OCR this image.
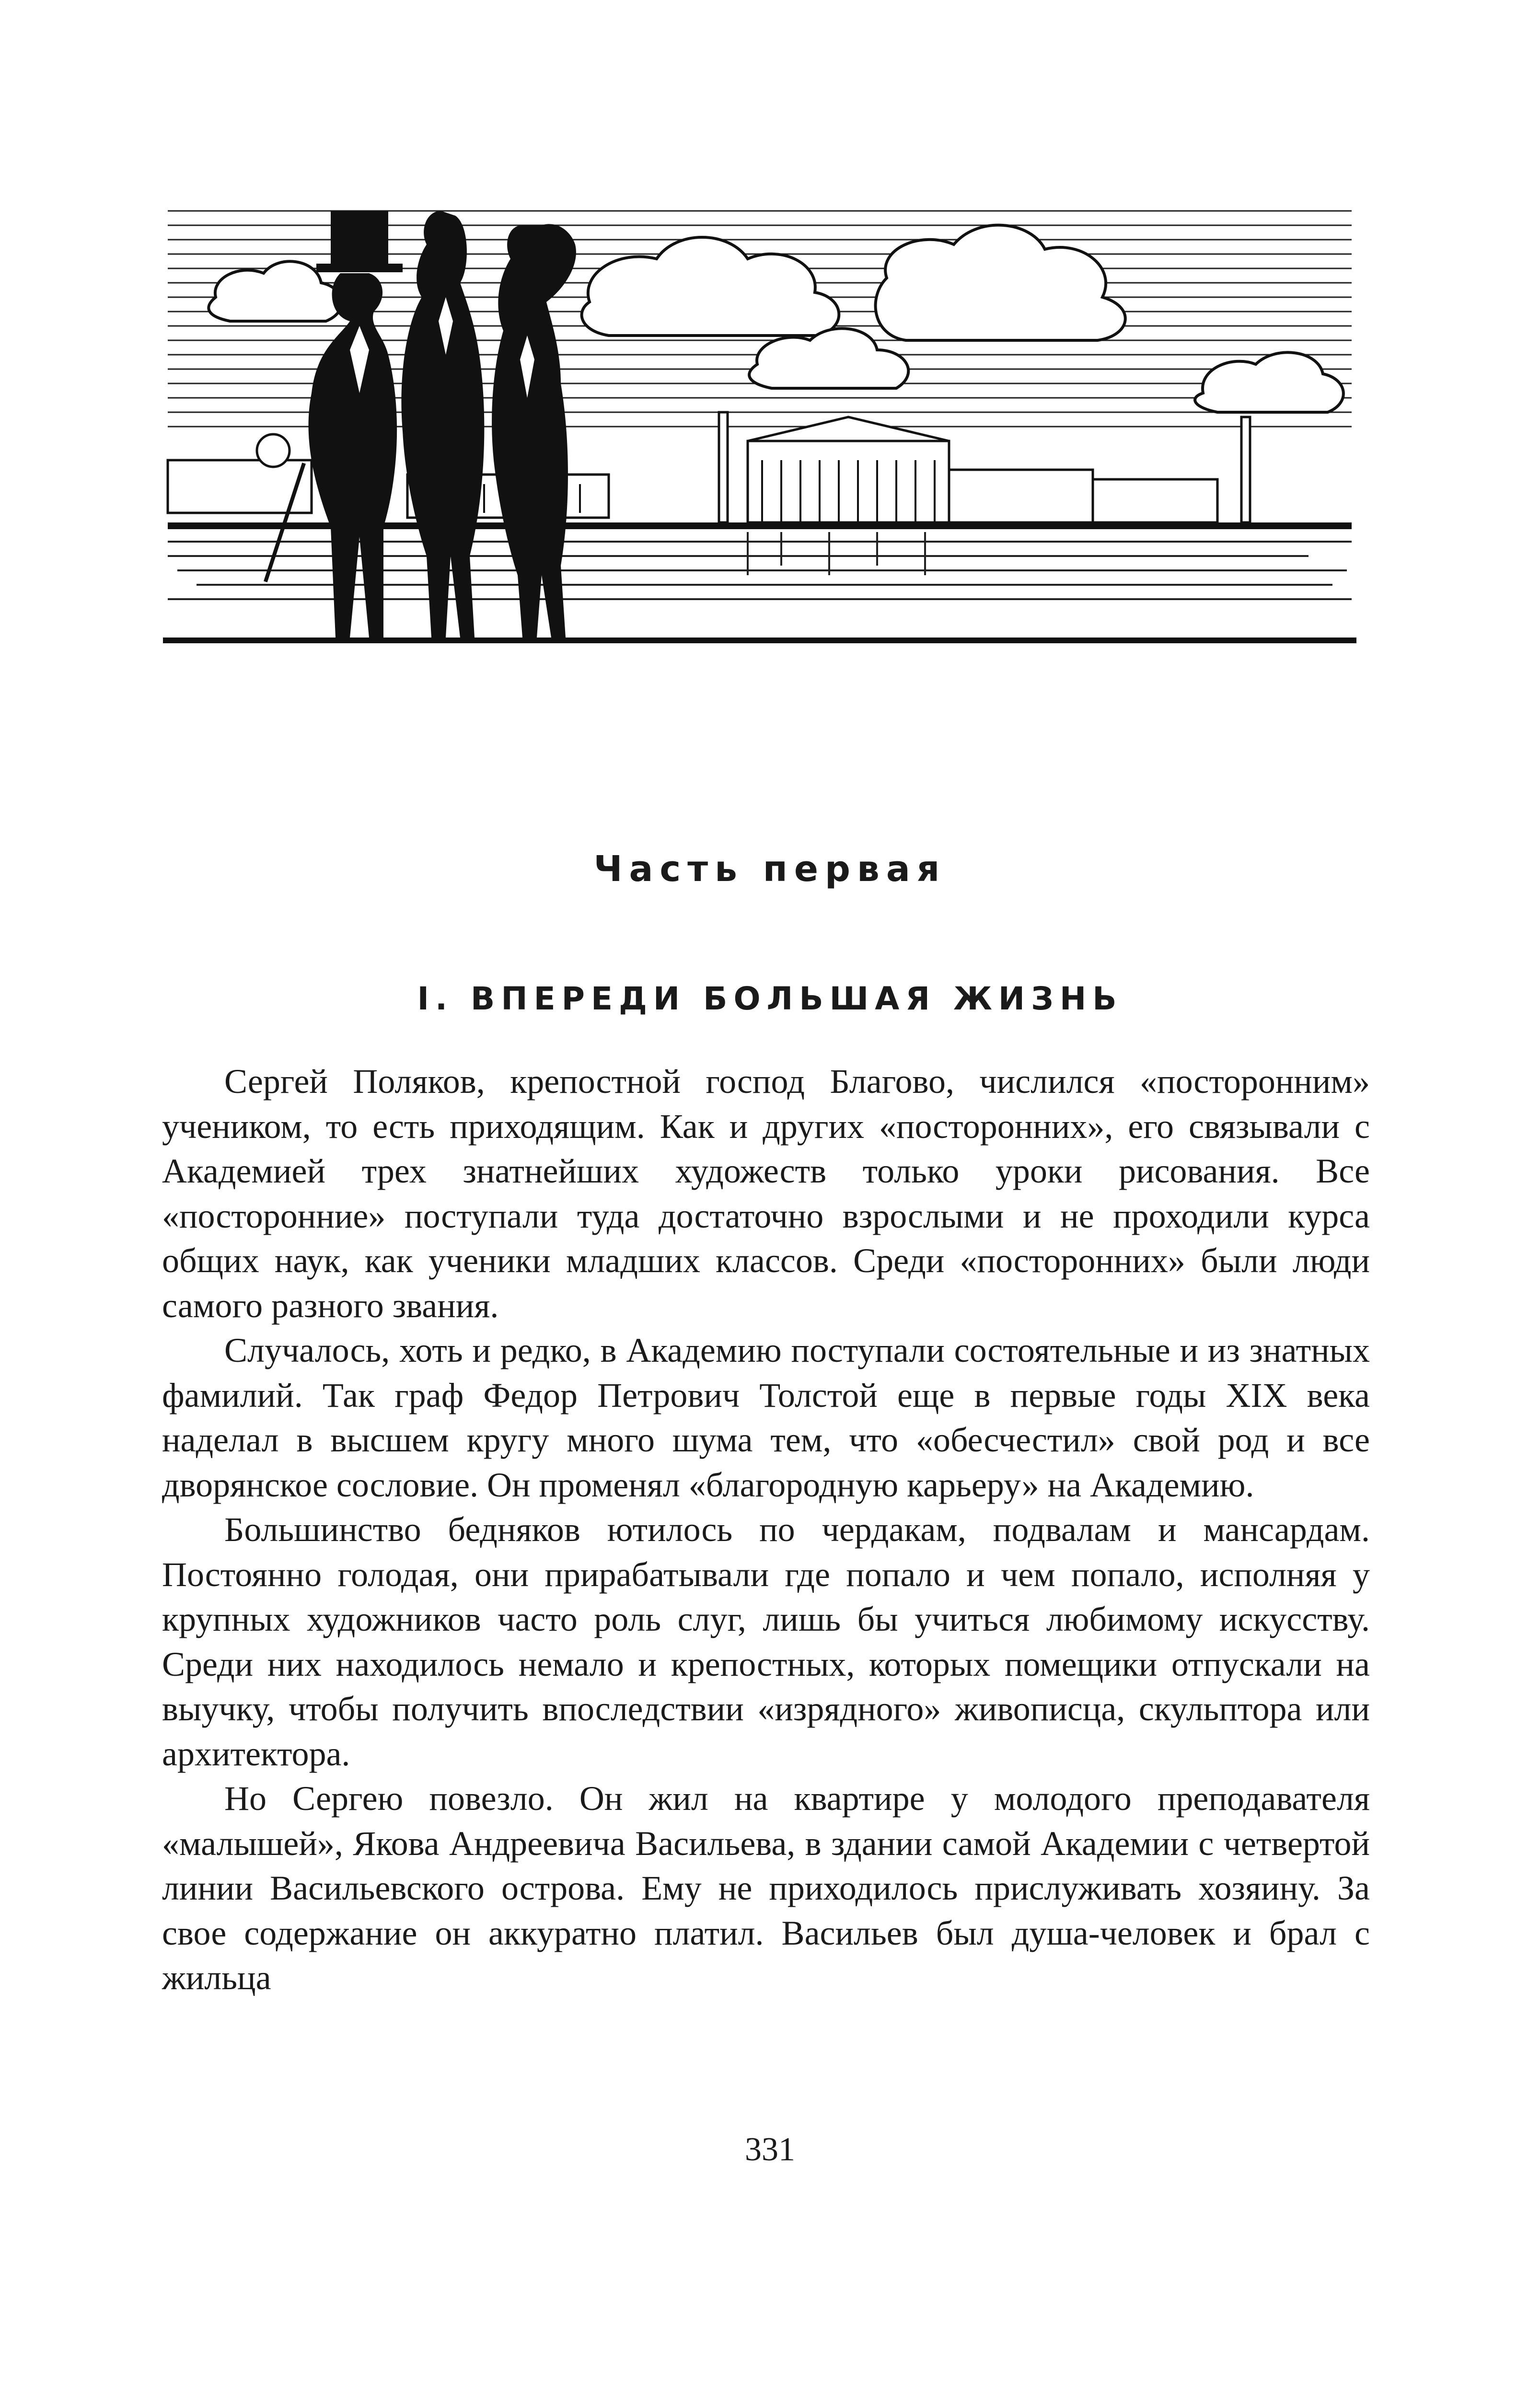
Часть первая
I. ВПЕРЕДИ БОЛЬШАЯ ЖИЗНЬ

Сергей Поляков, крепостной господ Благово, числился «посторонним» учеником, то есть приходящим. Как и других «посторонних», его связывали с Академией трех знатнейших художеств только уроки рисования. Все «посторонние» поступали туда достаточно взрослыми и не проходили курса общих наук, как ученики младших классов. Среди «посторонних» были люди самого разного звания.

Случалось, хоть и редко, в Академию поступали состоятельные и из знатных фамилий. Так граф Федор Петрович Толстой еще в первые годы XIX века наделал в высшем кругу много шума тем, что «обесчестил» свой род и все дворянское сословие. Он променял «благородную карьеру» на Академию.

Большинство бедняков ютилось по чердакам, подвалам и мансардам. Постоянно голодая, они прирабатывали где попало и чем попало, исполняя у крупных художников часто роль слуг, лишь бы учиться любимому искусству. Среди них находилось немало и крепостных, которых помещики отпускали на выучку, чтобы получить впоследствии «изрядного» живописца, скульптора или архитектора.

Но Сергею повезло. Он жил на квартире у молодого преподавателя «малышей», Якова Андреевича Васильева, в здании самой Академии с четвертой линии Васильевского острова. Ему не приходилось прислуживать хозяину. За свое содержание он аккуратно платил. Васильев был душа-человек и брал с жильца

331
